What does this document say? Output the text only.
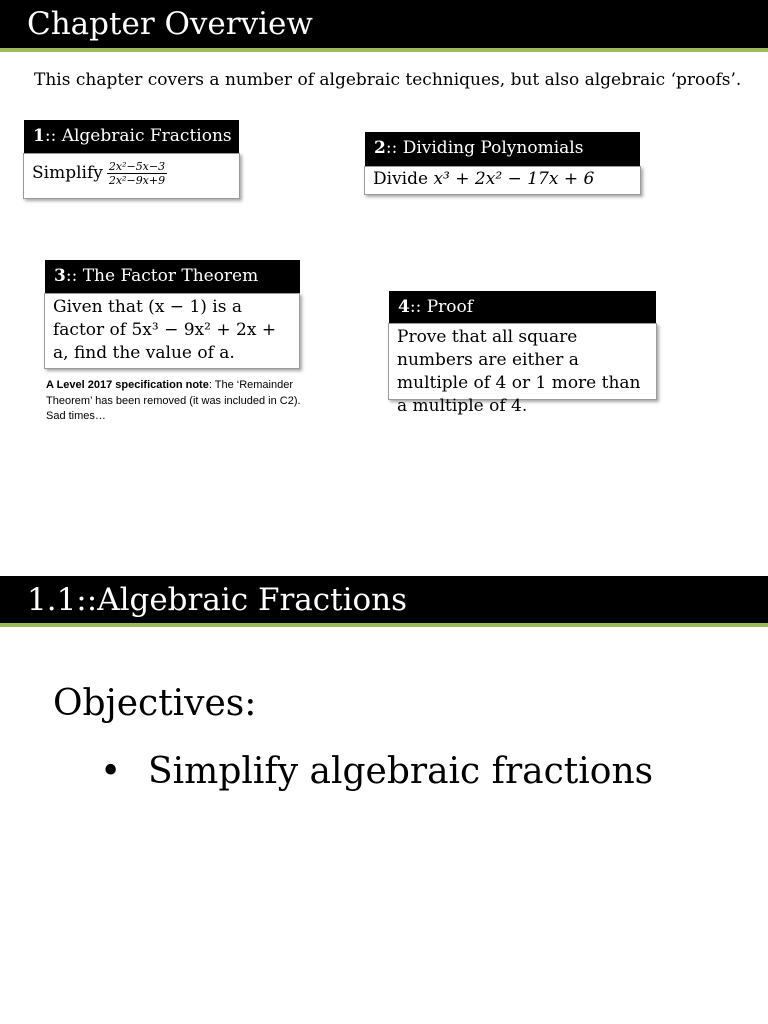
Chapter Overview
This chapter covers a number of algebraic techniques, but also algebraic ‘proofs’.
1:: Algebraic Fractions
Simplify $\frac{\text{2x²−5x−3}}{\text{2x²−9x+9}}$
2:: Dividing Polynomials
Divide x³ + 2x² − 17x + 6
3:: The Factor Theorem
Given that (x − 1) is a factor of 5x³ − 9x² + 2x + a, find the value of a.
A Level 2017 specification note: The ‘Remainder Theorem’ has been removed (it was included in C2). Sad times…
4:: Proof
Prove that all square numbers are either a multiple of 4 or 1 more than a multiple of 4.
1.1::Algebraic Fractions
Objectives:
• Simplify algebraic fractions
